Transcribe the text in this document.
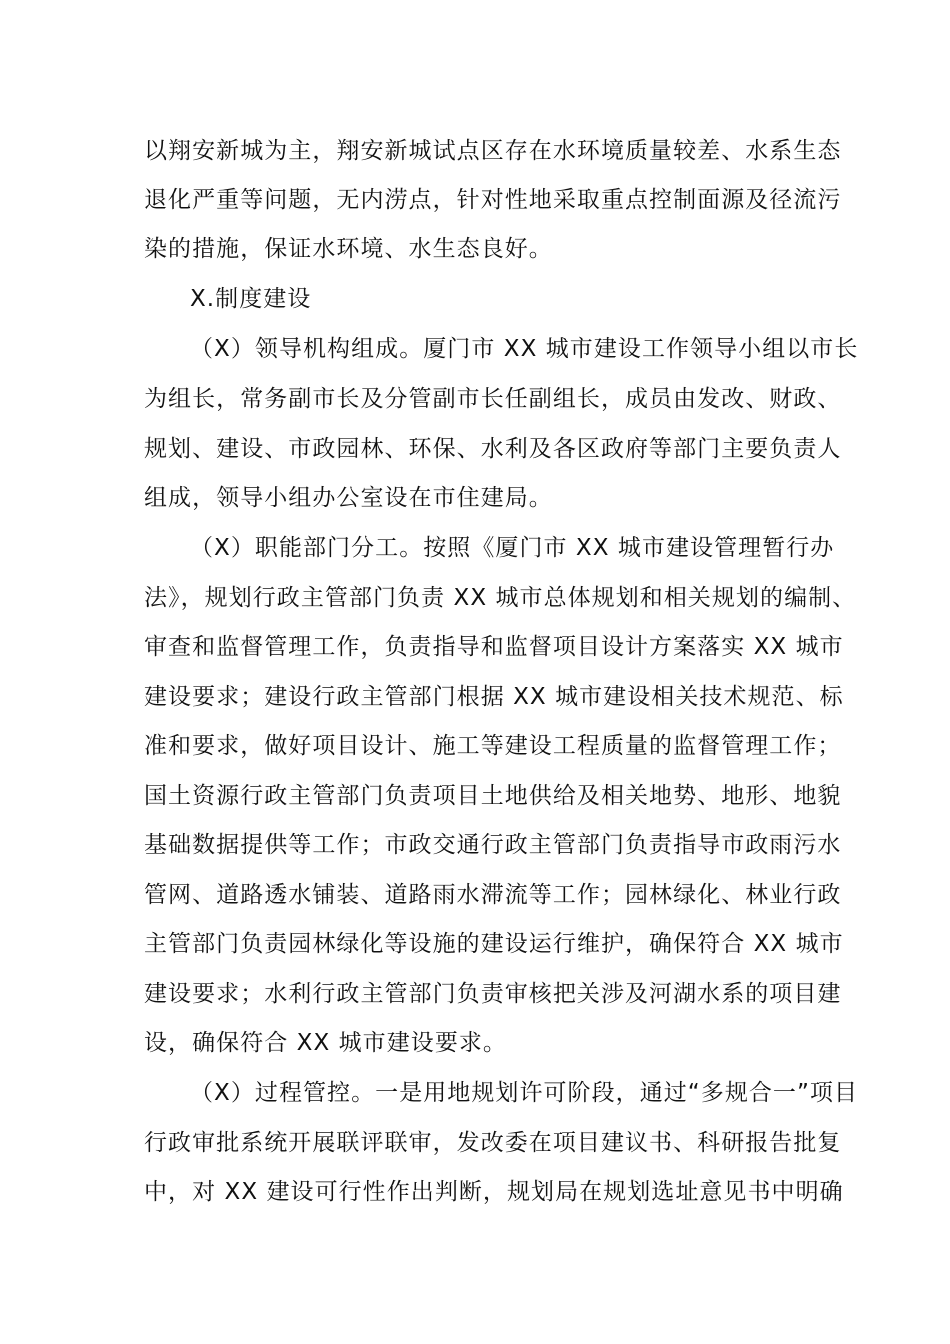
以翔安新城为主，翔安新城试点区存在水环境质量较差、水系生态
退化严重等问题，无内涝点，针对性地采取重点控制面源及径流污
染的措施，保证水环境、水生态良好。
X.制度建设
（X）领导机构组成。厦门市 XX 城市建设工作领导小组以市长
为组长，常务副市长及分管副市长任副组长，成员由发改、财政、
规划、建设、市政园林、环保、水利及各区政府等部门主要负责人
组成，领导小组办公室设在市住建局。
（X）职能部门分工。按照《厦门市 XX 城市建设管理暂行办
法》，规划行政主管部门负责 XX 城市总体规划和相关规划的编制、
审查和监督管理工作，负责指导和监督项目设计方案落实 XX 城市
建设要求；建设行政主管部门根据 XX 城市建设相关技术规范、标
准和要求，做好项目设计、施工等建设工程质量的监督管理工作；
国土资源行政主管部门负责项目土地供给及相关地势、地形、地貌
基础数据提供等工作；市政交通行政主管部门负责指导市政雨污水
管网、道路透水铺装、道路雨水滞流等工作；园林绿化、林业行政
主管部门负责园林绿化等设施的建设运行维护，确保符合 XX 城市
建设要求；水利行政主管部门负责审核把关涉及河湖水系的项目建
设，确保符合 XX 城市建设要求。
（X）过程管控。一是用地规划许可阶段，通过“多规合一”项目
行政审批系统开展联评联审，发改委在项目建议书、科研报告批复
中，对 XX 建设可行性作出判断，规划局在规划选址意见书中明确
